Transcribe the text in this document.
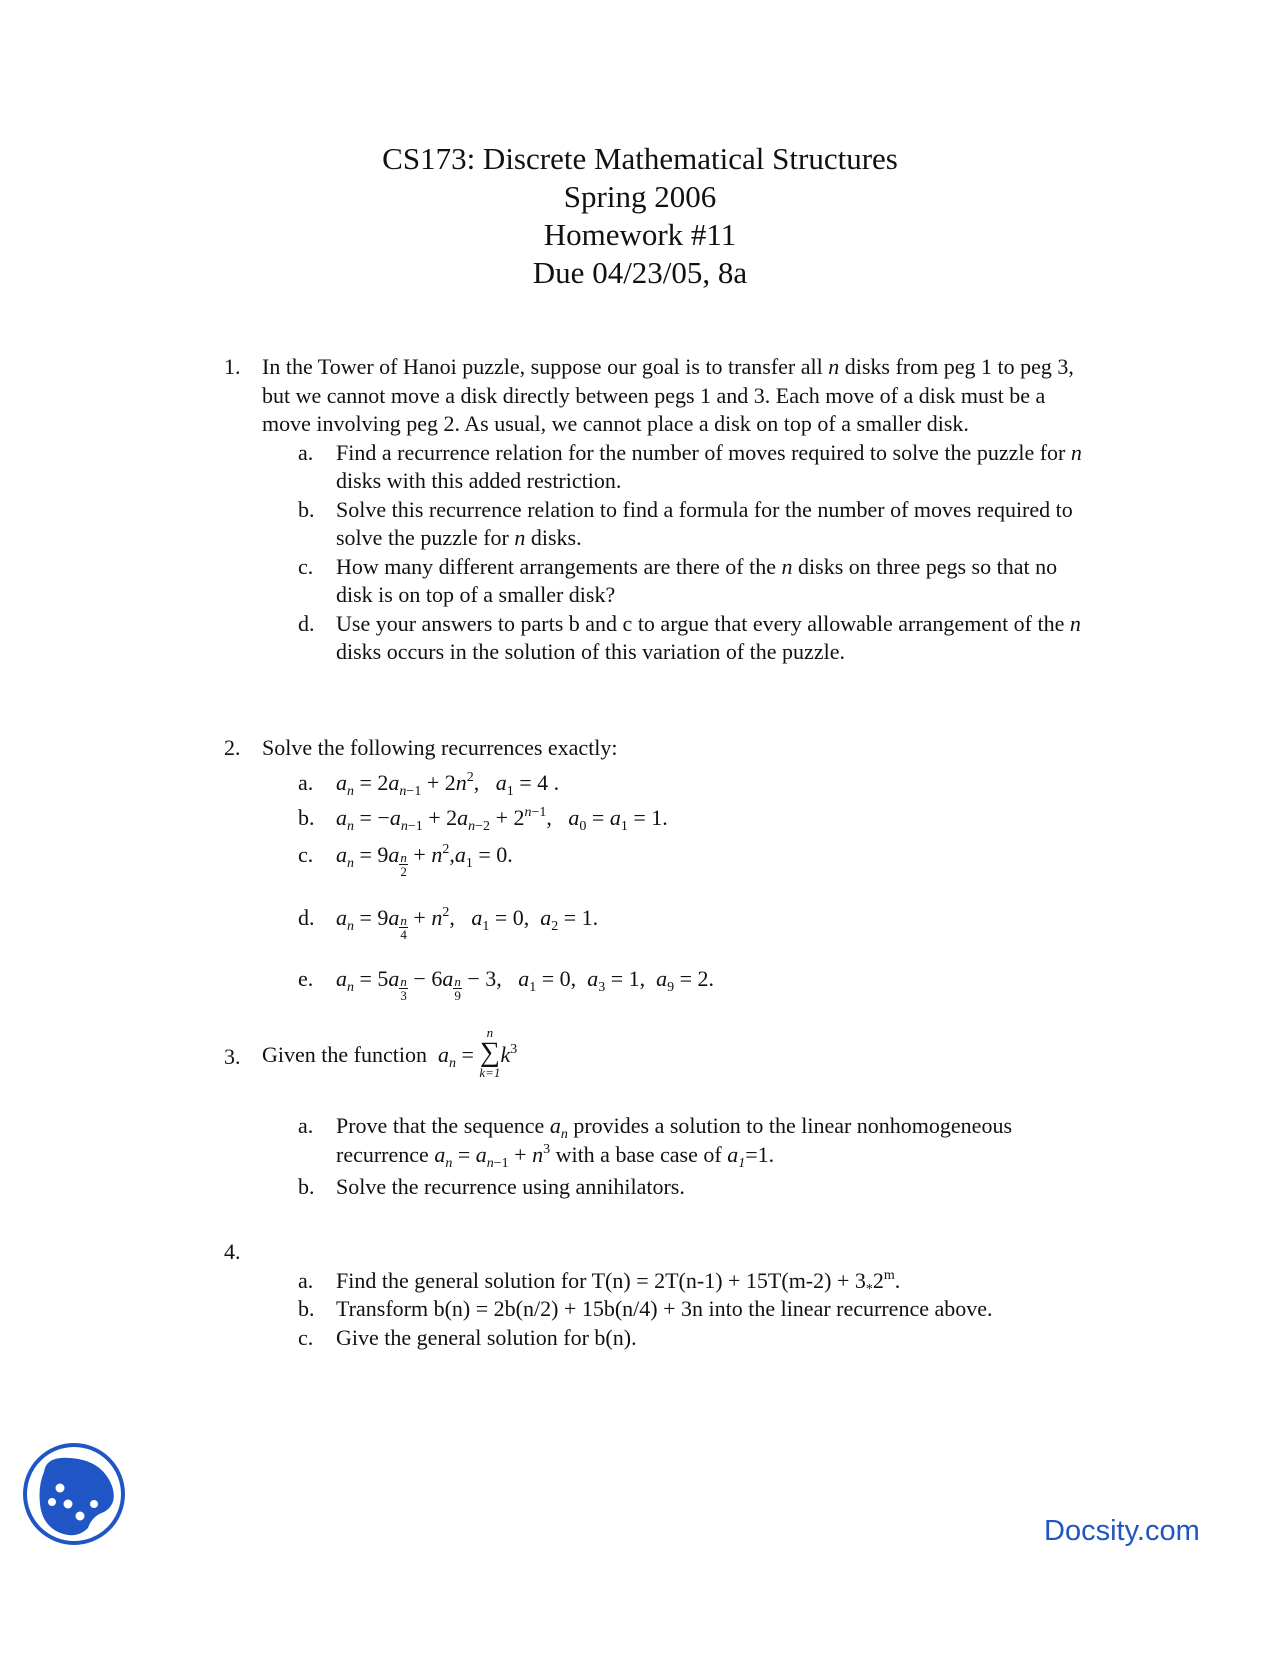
CS173: Discrete Mathematical Structures
Spring 2006
Homework #11
Due 04/23/05, 8a
1. In the Tower of Hanoi puzzle, suppose our goal is to transfer all n disks from peg 1 to peg 3, but we cannot move a disk directly between pegs 1 and 3. Each move of a disk must be a move involving peg 2. As usual, we cannot place a disk on top of a smaller disk.
a. Find a recurrence relation for the number of moves required to solve the puzzle for n disks with this added restriction.
b. Solve this recurrence relation to find a formula for the number of moves required to solve the puzzle for n disks.
c. How many different arrangements are there of the n disks on three pegs so that no disk is on top of a smaller disk?
d. Use your answers to parts b and c to argue that every allowable arrangement of the n disks occurs in the solution of this variation of the puzzle.
2. Solve the following recurrences exactly:
a. $a_n = 2a_{n-1} + 2n^2$,   $a_1 = 4$ .
b. $a_n = -a_{n-1} + 2a_{n-2} + 2^{n-1}$,   $a_0 = a_1 = 1$.
c. $a_n = 9a \frac{n}{2} + n^2,a_1 = 0$.
d. $a_n = 9a \frac{n}{4} + n^2$,   $a_1 = 0$,  $a_2 = 1$.
e. $a_n = 5a \frac{n}{3} - 6a \frac{n}{9} - 3$,   $a_1 = 0$,  $a_3 = 1$,  $a_9 = 2$.
3. Given the function $a_n$ =
n
∑
k=1
$k^3$
a. Prove that the sequence $a_n$ provides a solution to the linear nonhomogeneous recurrence $a_n = a_{n-1} + n^3$ with a base case of $a_1=1$.
b. Solve the recurrence using annihilators.
4.

a. Find the general solution for $T(n) = 2T(n-1) + 15T(m-2) + 3_*2^m$.
b. Transform b(n) = 2b(n/2) + 15b(n/4) + 3n into the linear recurrence above.
c. Give the general solution for b(n).
Docsity.com
